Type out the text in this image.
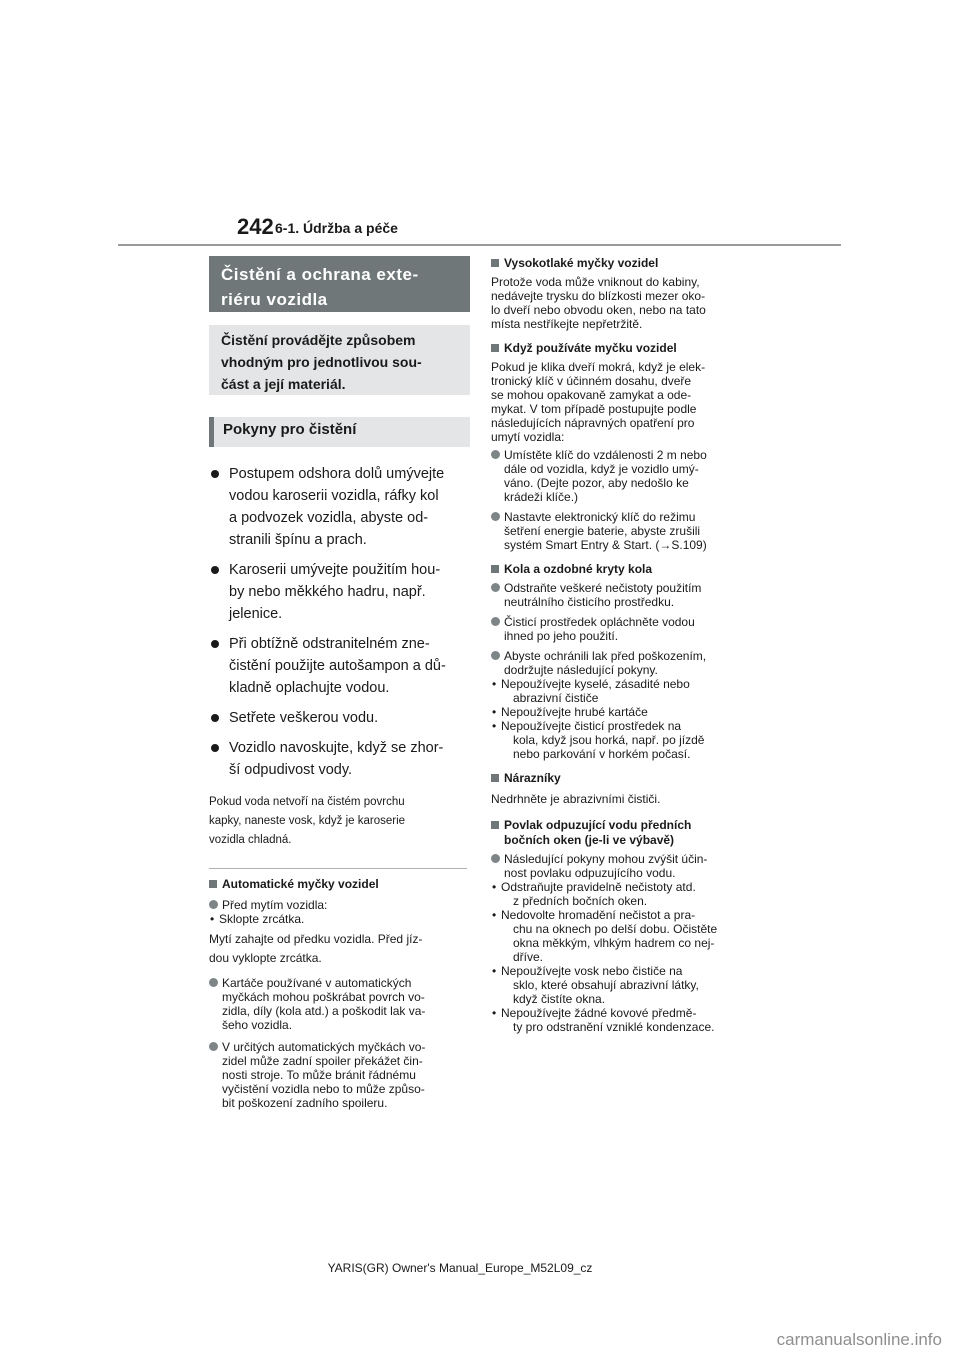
242 6-1. Údržba a péče
Čistění a ochrana exte-
riéru vozidla
Čistění provádějte způsobem
vhodným pro jednotlivou sou-
část a její materiál.
Pokyny pro čistění
Postupem odshora dolů umývejte
vodou karoserii vozidla, ráfky kol
a podvozek vozidla, abyste od-
stranili špínu a prach.
Karoserii umývejte použitím hou-
by nebo měkkého hadru, např.
jelenice.
Při obtížně odstranitelném zne-
čistění použijte autošampon a dů-
kladně oplachujte vodou.
Setřete veškerou vodu.
Vozidlo navoskujte, když se zhor-
ší odpudivost vody.
Pokud voda netvoří na čistém povrchu
kapky, naneste vosk, když je karoserie
vozidla chladná.
Automatické myčky vozidel
Před mytím vozidla:
• Sklopte zrcátka.
Mytí zahajte od předku vozidla. Před jíz-
dou vyklopte zrcátka.
Kartáče používané v automatických
myčkách mohou poškrábat povrch vo-
zidla, díly (kola atd.) a poškodit lak va-
šeho vozidla.
V určitých automatických myčkách vo-
zidel může zadní spoiler překážet čin-
nosti stroje. To může bránit řádnému
vyčistění vozidla nebo to může způso-
bit poškození zadního spoileru.
Vysokotlaké myčky vozidel
Protože voda může vniknout do kabiny,
nedávejte trysku do blízkosti mezer oko-
lo dveří nebo obvodu oken, nebo na tato
místa nestříkejte nepřetržitě.
Když používáte myčku vozidel
Pokud je klika dveří mokrá, když je elek-
tronický klíč v účinném dosahu, dveře
se mohou opakovaně zamykat a ode-
mykat. V tom případě postupujte podle
následujících nápravných opatření pro
umytí vozidla:
Umístěte klíč do vzdálenosti 2 m nebo
dále od vozidla, když je vozidlo umý-
váno. (Dejte pozor, aby nedošlo ke
krádeži klíče.)
Nastavte elektronický klíč do režimu
šetření energie baterie, abyste zrušili
systém Smart Entry & Start. (→S.109)
Kola a ozdobné kryty kola
Odstraňte veškeré nečistoty použitím
neutrálního čisticího prostředku.
Čisticí prostředek opláchněte vodou
ihned po jeho použití.
Abyste ochránili lak před poškozením,
dodržujte následující pokyny.
• Nepoužívejte kyselé, zásadité nebo
abrazivní čističe
• Nepoužívejte hrubé kartáče
• Nepoužívejte čisticí prostředek na
kola, když jsou horká, např. po jízdě
nebo parkování v horkém počasí.
Nárazníky
Nedrhněte je abrazivními čističi.
Povlak odpuzující vodu předních
bočních oken (je-li ve výbavě)
Následující pokyny mohou zvýšit účin-
nost povlaku odpuzujícího vodu.
• Odstraňujte pravidelně nečistoty atd.
z předních bočních oken.
• Nedovolte hromadění nečistot a pra-
chu na oknech po delší dobu. Očistěte
okna měkkým, vlhkým hadrem co nej-
dříve.
• Nepoužívejte vosk nebo čističe na
sklo, které obsahují abrazivní látky,
když čistíte okna.
• Nepoužívejte žádné kovové předmě-
ty pro odstranění vzniklé kondenzace.
YARIS(GR) Owner's Manual_Europe_M52L09_cz
carmanualsonline.info
